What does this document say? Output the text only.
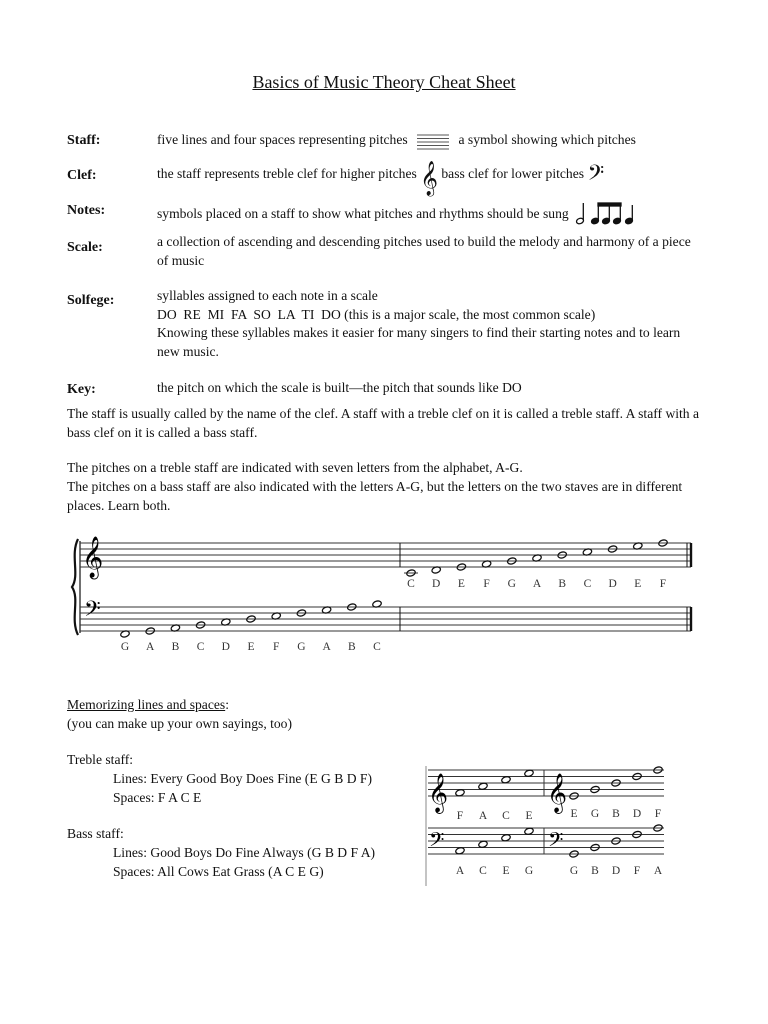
Basics of Music Theory Cheat Sheet
Staff:	five lines and four spaces representing pitches	a symbol showing which pitches
Clef:	the staff represents treble clef for higher pitches 𝄞 bass clef for lower pitches 𝄢
Notes:	symbols placed on a staff to show what pitches and rhythms should be sung
Scale:	a collection of ascending and descending pitches used to build the melody and harmony of a piece of music
Solfege:	syllables assigned to each note in a scale
DO  RE  MI  FA  SO  LA  TI  DO (this is a major scale, the most common scale)
Knowing these syllables makes it easier for many singers to find their starting notes and to learn new music.
Key:	the pitch on which the scale is built—the pitch that sounds like DO
The staff is usually called by the name of the clef. A staff with a treble clef on it is called a treble staff. A staff with a bass clef on it is called a bass staff.
The pitches on a treble staff are indicated with seven letters from the alphabet, A-G.
The pitches on a bass staff are also indicated with the letters A-G, but the letters on the two staves are in different places. Learn both.
𝄞
𝄢
C D E F G A B C D E F
G A B C D E F G A B C
Memorizing lines and spaces:
(you can make up your own sayings, too)
Treble staff:
Lines: Every Good Boy Does Fine (E G B D F)
Spaces: F A C E
Bass staff:
Lines: Good Boys Do Fine Always (G B D F A)
Spaces: All Cows Eat Grass (A C E G)
𝄞	𝄞
𝄢	𝄢
F A C E	E G B D F
A C E G	G B D F A
